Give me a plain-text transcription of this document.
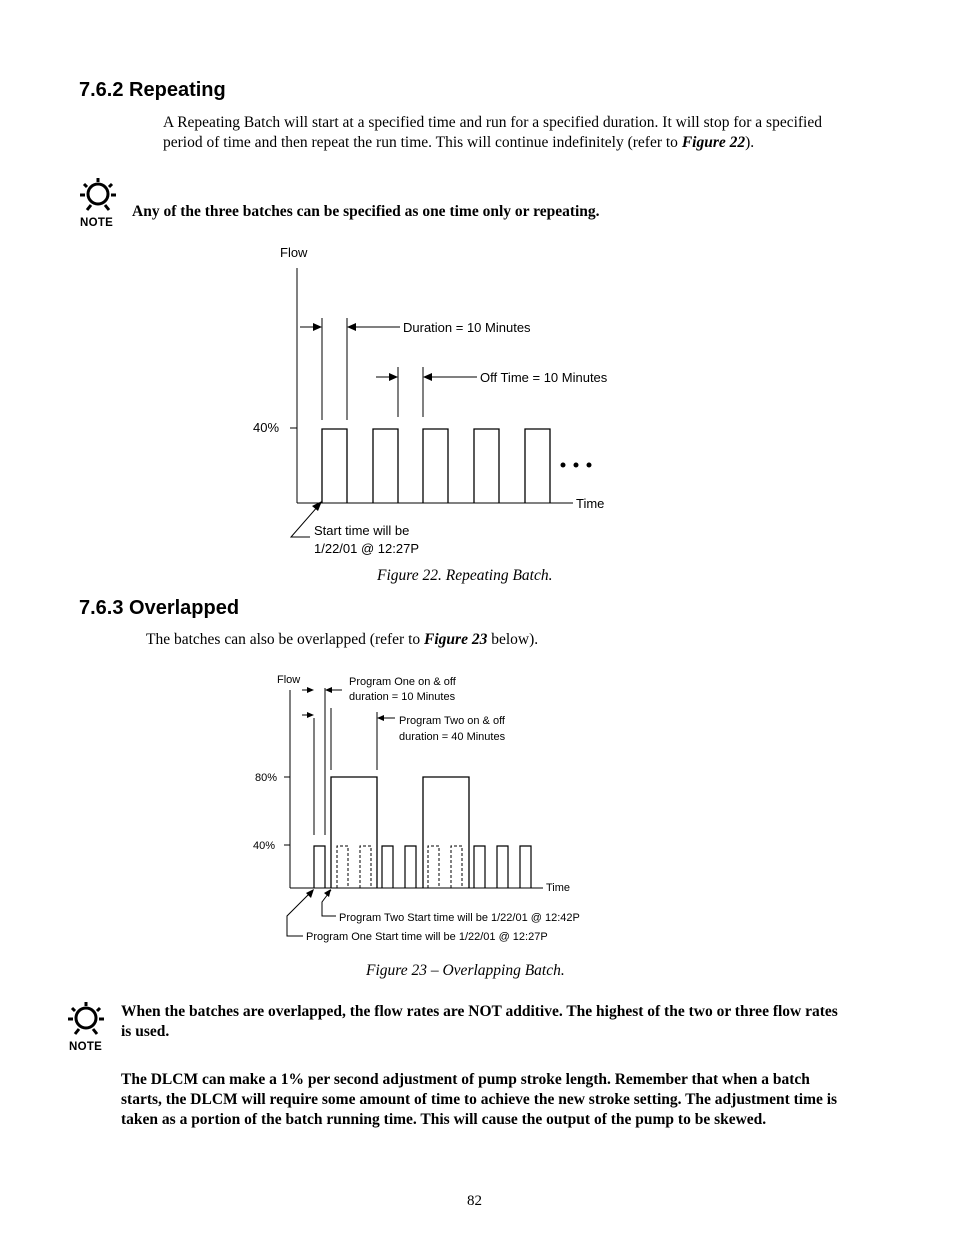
7.6.2 Repeating

A Repeating Batch will start at a specified time and run for a specified duration. It will stop for a specified period of time and then repeat the run time. This will continue indefinitely (refer to Figure 22).

NOTE

Any of the three batches can be specified as one time only or repeating.

Flow
Time
40%
Duration = 10 Minutes
Off Time = 10 Minutes
Start time will be
1/22/01 @ 12:27P
Figure 22. Repeating Batch.
7.6.3 Overlapped

The batches can also be overlapped (refer to Figure 23 below).

Flow
Time
80%
40%
Program One on & off
duration = 10 Minutes
Program Two on & off
duration = 40 Minutes
Program Two Start time will be 1/22/01 @ 12:42P
Program One Start time will be 1/22/01 @ 12:27P
Figure 23 – Overlapping Batch.
NOTE

When the batches are overlapped, the flow rates are NOT additive. The highest of the two or three flow rates is used.

The DLCM can make a 1% per second adjustment of pump stroke length. Remember that when a batch starts, the DLCM will require some amount of time to achieve the new stroke setting. The adjustment time is taken as a portion of the batch running time. This will cause the output of the pump to be skewed.

82
